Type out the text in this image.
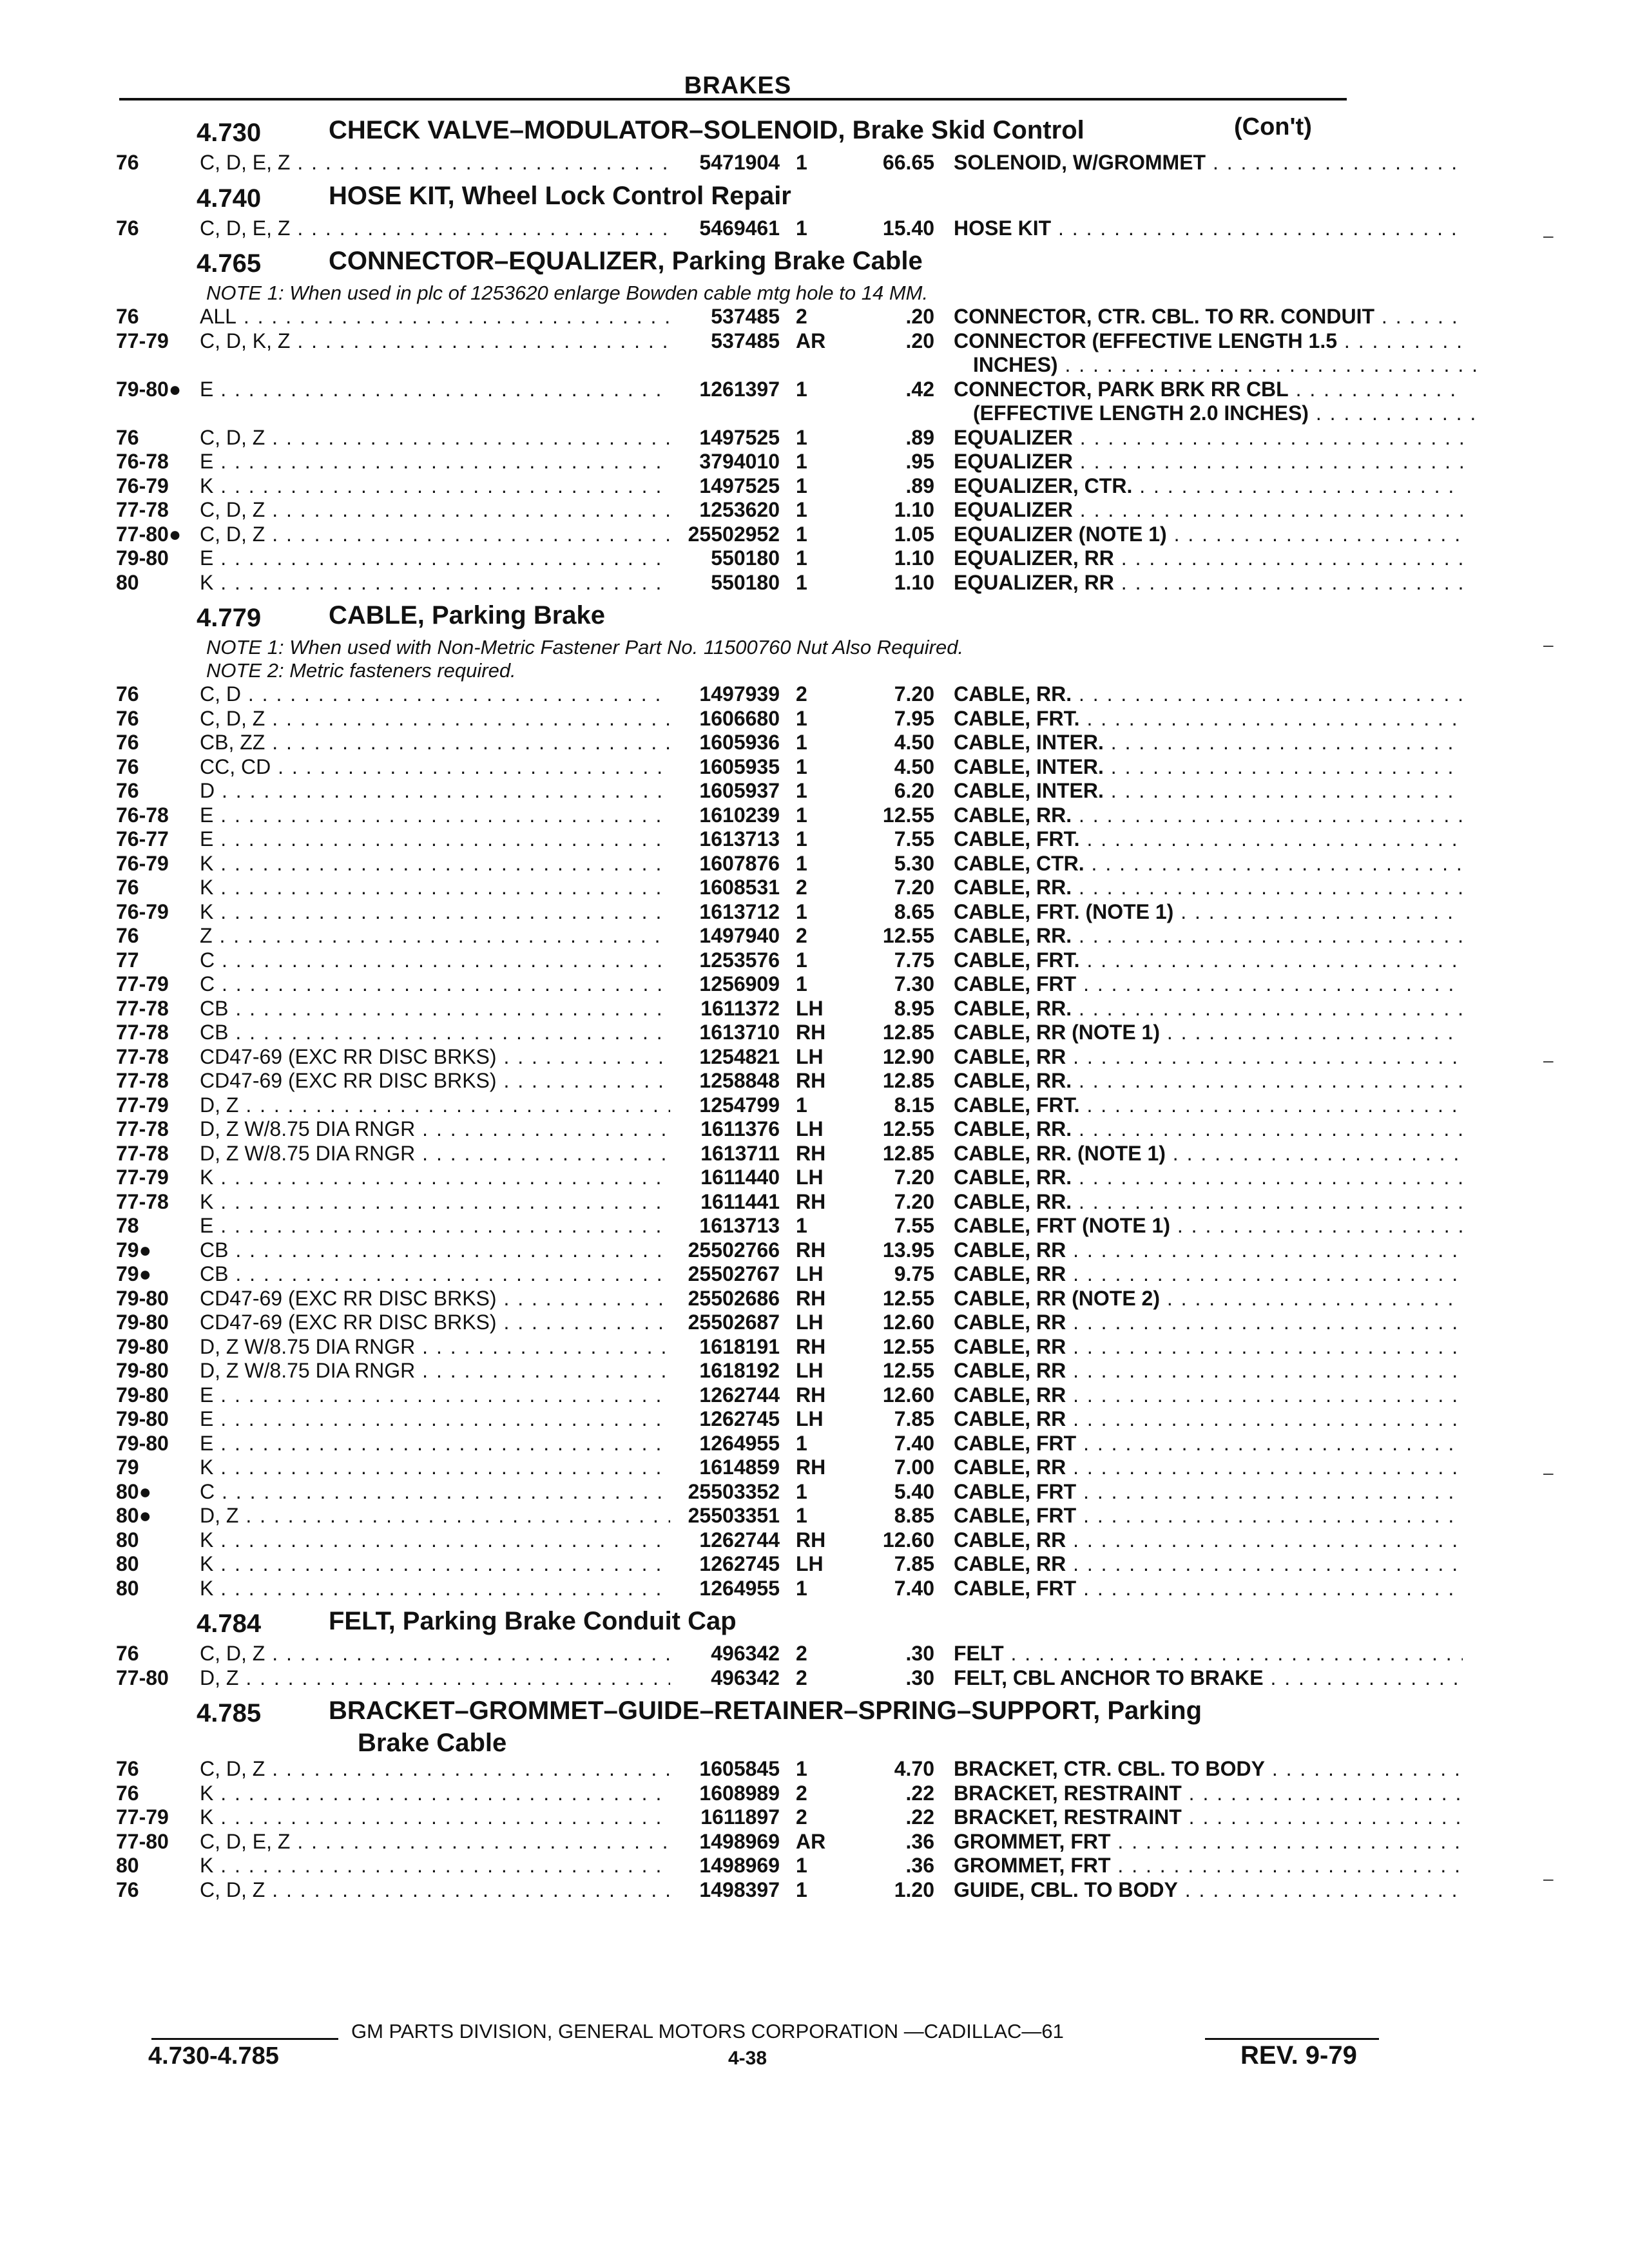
BRAKES
4.730	CHECK VALVE–MODULATOR–SOLENOID, Brake Skid Control	(Con't)
76	C, D, E, Z . . .	5471904 1	66.65 SOLENOID, W/GROMMET . . .
4.740	HOSE KIT, Wheel Lock Control Repair
76	C, D, E, Z . . .	5469461 1	15.40 HOSE KIT . . .
4.765	CONNECTOR–EQUALIZER, Parking Brake Cable
NOTE 1: When used in plc of 1253620 enlarge Bowden cable mtg hole to 14 MM.
76	ALL . . .	537485 2	.20 CONNECTOR, CTR. CBL. TO RR. CONDUIT . . .
77-79	C, D, K, Z . . .	537485 AR	.20 CONNECTOR (EFFECTIVE LENGTH 1.5 . . .
INCHES) . . .
79-80● E . . .	1261397 1	.42 CONNECTOR, PARK BRK RR CBL . . .
(EFFECTIVE LENGTH 2.0 INCHES) . . .
76	C, D, Z . . .	1497525 1	.89 EQUALIZER . . .
76-78	E . . .	3794010 1	.95 EQUALIZER . . .
76-79	K . . .	1497525 1	.89 EQUALIZER, CTR. . . .
77-78	C, D, Z . . .	1253620 1	1.10 EQUALIZER . . .
77-80● C, D, Z . . .	25502952 1	1.05 EQUALIZER (NOTE 1) . . .
79-80	E . . .	550180 1	1.10 EQUALIZER, RR . . .
80	K . . .	550180 1	1.10 EQUALIZER, RR . . .
4.779	CABLE, Parking Brake
NOTE 1: When used with Non-Metric Fastener Part No. 11500760 Nut Also Required.
NOTE 2: Metric fasteners required.
76	C, D . . .	1497939 2	7.20 CABLE, RR. . . .
76	C, D, Z . . .	1606680 1	7.95 CABLE, FRT. . . .
76	CB, ZZ . . .	1605936 1	4.50 CABLE, INTER. . . .
76	CC, CD . . .	1605935 1	4.50 CABLE, INTER. . . .
76	D . . .	1605937 1	6.20 CABLE, INTER. . . .
76-78	E . . .	1610239 1	12.55 CABLE, RR. . . .
76-77	E . . .	1613713 1	7.55 CABLE, FRT. . . .
76-79	K . . .	1607876 1	5.30 CABLE, CTR. . . .
76	K . . .	1608531 2	7.20 CABLE, RR. . . .
76-79	K . . .	1613712 1	8.65 CABLE, FRT. (NOTE 1) . . .
76	Z . . .	1497940 2	12.55 CABLE, RR. . . .
77	C . . .	1253576 1	7.75 CABLE, FRT. . . .
77-79	C . . .	1256909 1	7.30 CABLE, FRT . . .
77-78	CB . . .	1611372 LH	8.95 CABLE, RR. . . .
77-78	CB . . .	1613710 RH	12.85 CABLE, RR (NOTE 1) . . .
77-78	CD47-69 (EXC RR DISC BRKS) . . .	1254821 LH	12.90 CABLE, RR . . .
77-78	CD47-69 (EXC RR DISC BRKS) . . .	1258848 RH	12.85 CABLE, RR. . . .
77-79	D, Z . . .	1254799 1	8.15 CABLE, FRT. . . .
77-78	D, Z W/8.75 DIA RNGR . . .	1611376 LH	12.55 CABLE, RR. . . .
77-78	D, Z W/8.75 DIA RNGR . . .	1613711 RH	12.85 CABLE, RR. (NOTE 1) . . .
77-79	K . . .	1611440 LH	7.20 CABLE, RR. . . .
77-78	K . . .	1611441 RH	7.20 CABLE, RR. . . .
78	E . . .	1613713 1	7.55 CABLE, FRT (NOTE 1) . . .
79●	CB . . .	25502766 RH	13.95 CABLE, RR . . .
79●	CB . . .	25502767 LH	9.75 CABLE, RR . . .
79-80	CD47-69 (EXC RR DISC BRKS) . . .	25502686 RH	12.55 CABLE, RR (NOTE 2) . . .
79-80	CD47-69 (EXC RR DISC BRKS) . . .	25502687 LH	12.60 CABLE, RR . . .
79-80	D, Z W/8.75 DIA RNGR . . .	1618191 RH	12.55 CABLE, RR . . .
79-80	D, Z W/8.75 DIA RNGR . . .	1618192 LH	12.55 CABLE, RR . . .
79-80	E . . .	1262744 RH	12.60 CABLE, RR . . .
79-80	E . . .	1262745 LH	7.85 CABLE, RR . . .
79-80	E . . .	1264955 1	7.40 CABLE, FRT . . .
79	K . . .	1614859 RH	7.00 CABLE, RR . . .
80●	C . . .	25503352 1	5.40 CABLE, FRT . . .
80●	D, Z . . .	25503351 1	8.85 CABLE, FRT . . .
80	K . . .	1262744 RH	12.60 CABLE, RR . . .
80	K . . .	1262745 LH	7.85 CABLE, RR . . .
80	K . . .	1264955 1	7.40 CABLE, FRT . . .
4.784	FELT, Parking Brake Conduit Cap
76	C, D, Z . . .	496342 2	.30 FELT . . .
77-80	D, Z . . .	496342 2	.30 FELT, CBL ANCHOR TO BRAKE . . .
4.785	BRACKET–GROMMET–GUIDE–RETAINER–SPRING–SUPPORT, Parking
Brake Cable
76	C, D, Z . . .	1605845 1	4.70 BRACKET, CTR. CBL. TO BODY . . .
76	K . . .	1608989 2	.22 BRACKET, RESTRAINT . . .
77-79	K . . .	1611897 2	.22 BRACKET, RESTRAINT . . .
77-80	C, D, E, Z . . .	1498969 AR	.36 GROMMET, FRT . . .
80	K . . .	1498969 1	.36 GROMMET, FRT . . .
76	C, D, Z . . .	1498397 1	1.20 GUIDE, CBL. TO BODY . . .
GM PARTS DIVISION, GENERAL MOTORS CORPORATION —CADILLAC—61
4-38
4.730-4.785	REV. 9-79
–
–
–
–
–
